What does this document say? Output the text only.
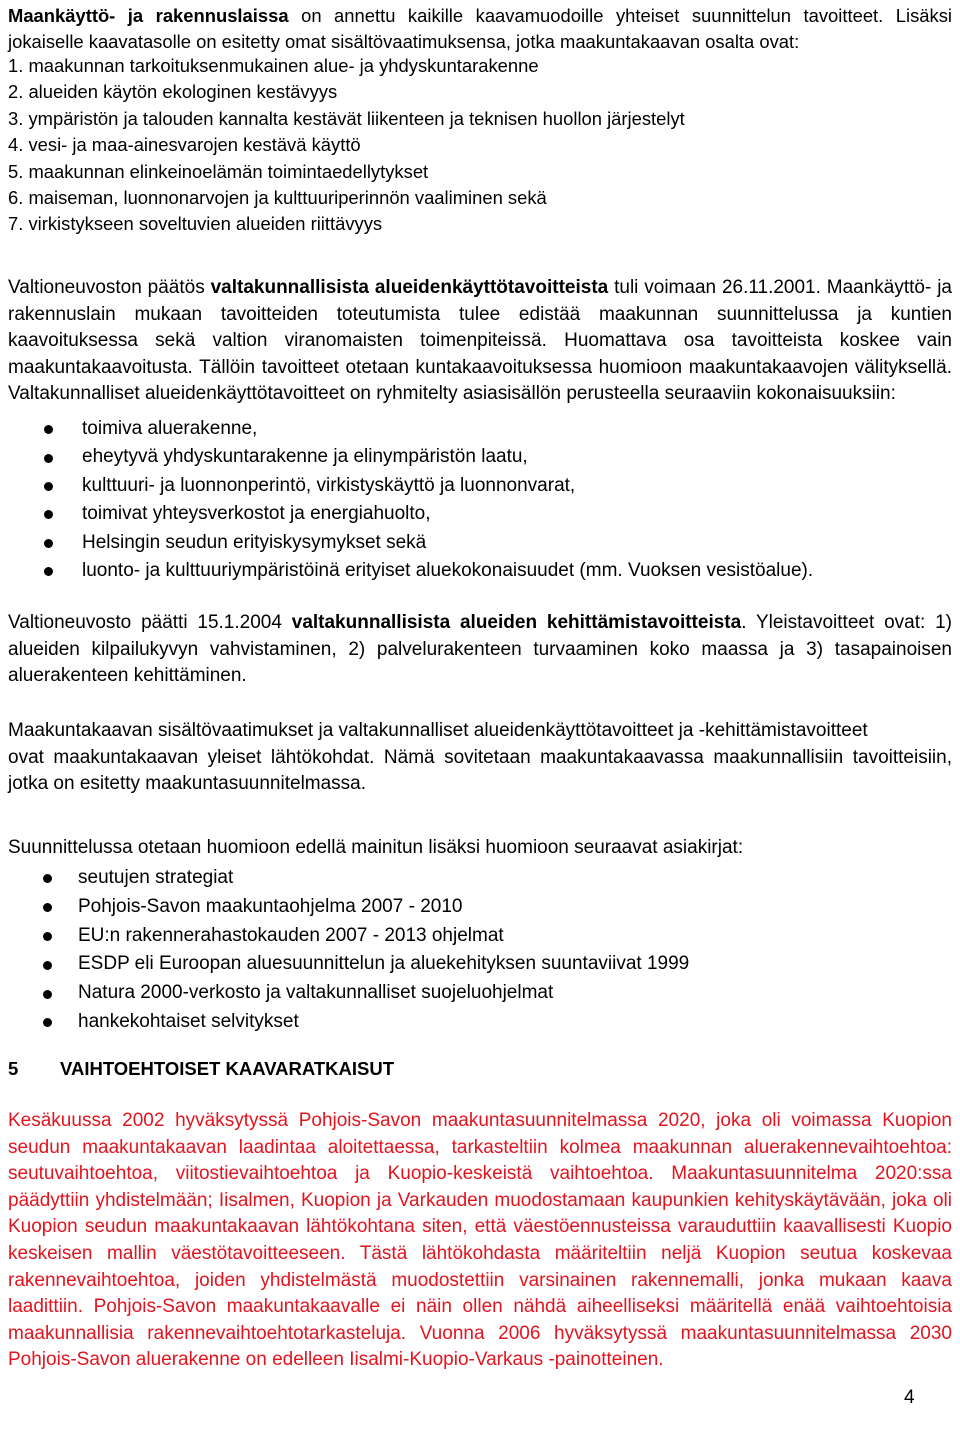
Maankäyttö- ja rakennuslaissa on annettu kaikille kaavamuodoille yhteiset suunnittelun tavoitteet. Lisäksi jokaiselle kaavatasolle on esitetty omat sisältövaatimuksensa, jotka maakuntakaavan osalta ovat:
1. maakunnan tarkoituksenmukainen alue- ja yhdyskuntarakenne
2. alueiden käytön ekologinen kestävyys
3. ympäristön ja talouden kannalta kestävät liikenteen ja teknisen huollon järjestelyt
4. vesi- ja maa-ainesvarojen kestävä käyttö
5. maakunnan elinkeinoelämän toimintaedellytykset
6. maiseman, luonnonarvojen ja kulttuuriperinnön vaaliminen sekä
7. virkistykseen soveltuvien alueiden riittävyys

Valtioneuvoston päätös valtakunnallisista alueidenkäyttötavoitteista tuli voimaan 26.11.2001. Maankäyttö- ja rakennuslain mukaan tavoitteiden toteutumista tulee edistää maakunnan suunnittelussa ja kuntien kaavoituksessa sekä valtion viranomaisten toimenpiteissä. Huomattava osa tavoitteista koskee vain maakuntakaavoitusta. Tällöin tavoitteet otetaan kuntakaavoituksessa huomioon maakuntakaavojen välityksellä. Valtakunnalliset alueidenkäyttötavoitteet on ryhmitelty asiasisällön perusteella seuraaviin kokonaisuuksiin:

toimiva aluerakenne,
eheytyvä yhdyskuntarakenne ja elinympäristön laatu,
kulttuuri- ja luonnonperintö, virkistyskäyttö ja luonnonvarat,
toimivat yhteysverkostot ja energiahuolto,
Helsingin seudun erityiskysymykset sekä
luonto- ja kulttuuriympäristöinä erityiset aluekokonaisuudet (mm. Vuoksen vesistöalue).

Valtioneuvosto päätti 15.1.2004 valtakunnallisista alueiden kehittämistavoitteista. Yleistavoitteet ovat: 1) alueiden kilpailukyvyn vahvistaminen, 2) palvelurakenteen turvaaminen koko maassa ja 3) tasapainoisen aluerakenteen kehittäminen.

Maakuntakaavan sisältövaatimukset ja valtakunnalliset alueidenkäyttötavoitteet ja -kehittämistavoitteet
ovat maakuntakaavan yleiset lähtökohdat. Nämä sovitetaan maakuntakaavassa maakunnallisiin tavoitteisiin, jotka on esitetty maakuntasuunnitelmassa.

Suunnittelussa otetaan huomioon edellä mainitun lisäksi huomioon seuraavat asiakirjat:

seutujen strategiat
Pohjois-Savon maakuntaohjelma 2007 - 2010
EU:n rakennerahastokauden 2007 - 2013 ohjelmat
ESDP eli Euroopan aluesuunnittelun ja aluekehityksen suuntaviivat 1999
Natura 2000-verkosto ja valtakunnalliset suojeluohjelmat
hankekohtaiset selvitykset
5 VAIHTOEHTOISET KAAVARATKAISUT

Kesäkuussa 2002 hyväksytyssä Pohjois-Savon maakuntasuunnitelmassa 2020, joka oli voimassa Kuopion seudun maakuntakaavan laadintaa aloitettaessa, tarkasteltiin kolmea maakunnan aluerakennevaihtoehtoa: seutuvaihtoehtoa, viitostievaihtoehtoa ja Kuopio-keskeistä vaihtoehtoa. Maakuntasuunnitelma 2020:ssa päädyttiin yhdistelmään; Iisalmen, Kuopion ja Varkauden muodostamaan kaupunkien kehityskäytävään, joka oli Kuopion seudun maakuntakaavan lähtökohtana siten, että väestöennusteissa varauduttiin kaavallisesti Kuopio keskeisen mallin väestötavoitteeseen. Tästä lähtökohdasta määriteltiin neljä Kuopion seutua koskevaa rakennevaihtoehtoa, joiden yhdistelmästä muodostettiin varsinainen rakennemalli, jonka mukaan kaava laadittiin. Pohjois-Savon maakuntakaavalle ei näin ollen nähdä aiheelliseksi määritellä enää vaihtoehtoisia maakunnallisia rakennevaihtoehtotarkasteluja. Vuonna 2006 hyväksytyssä maakuntasuunnitelmassa 2030 Pohjois-Savon aluerakenne on edelleen Iisalmi-Kuopio-Varkaus -painotteinen.

4
